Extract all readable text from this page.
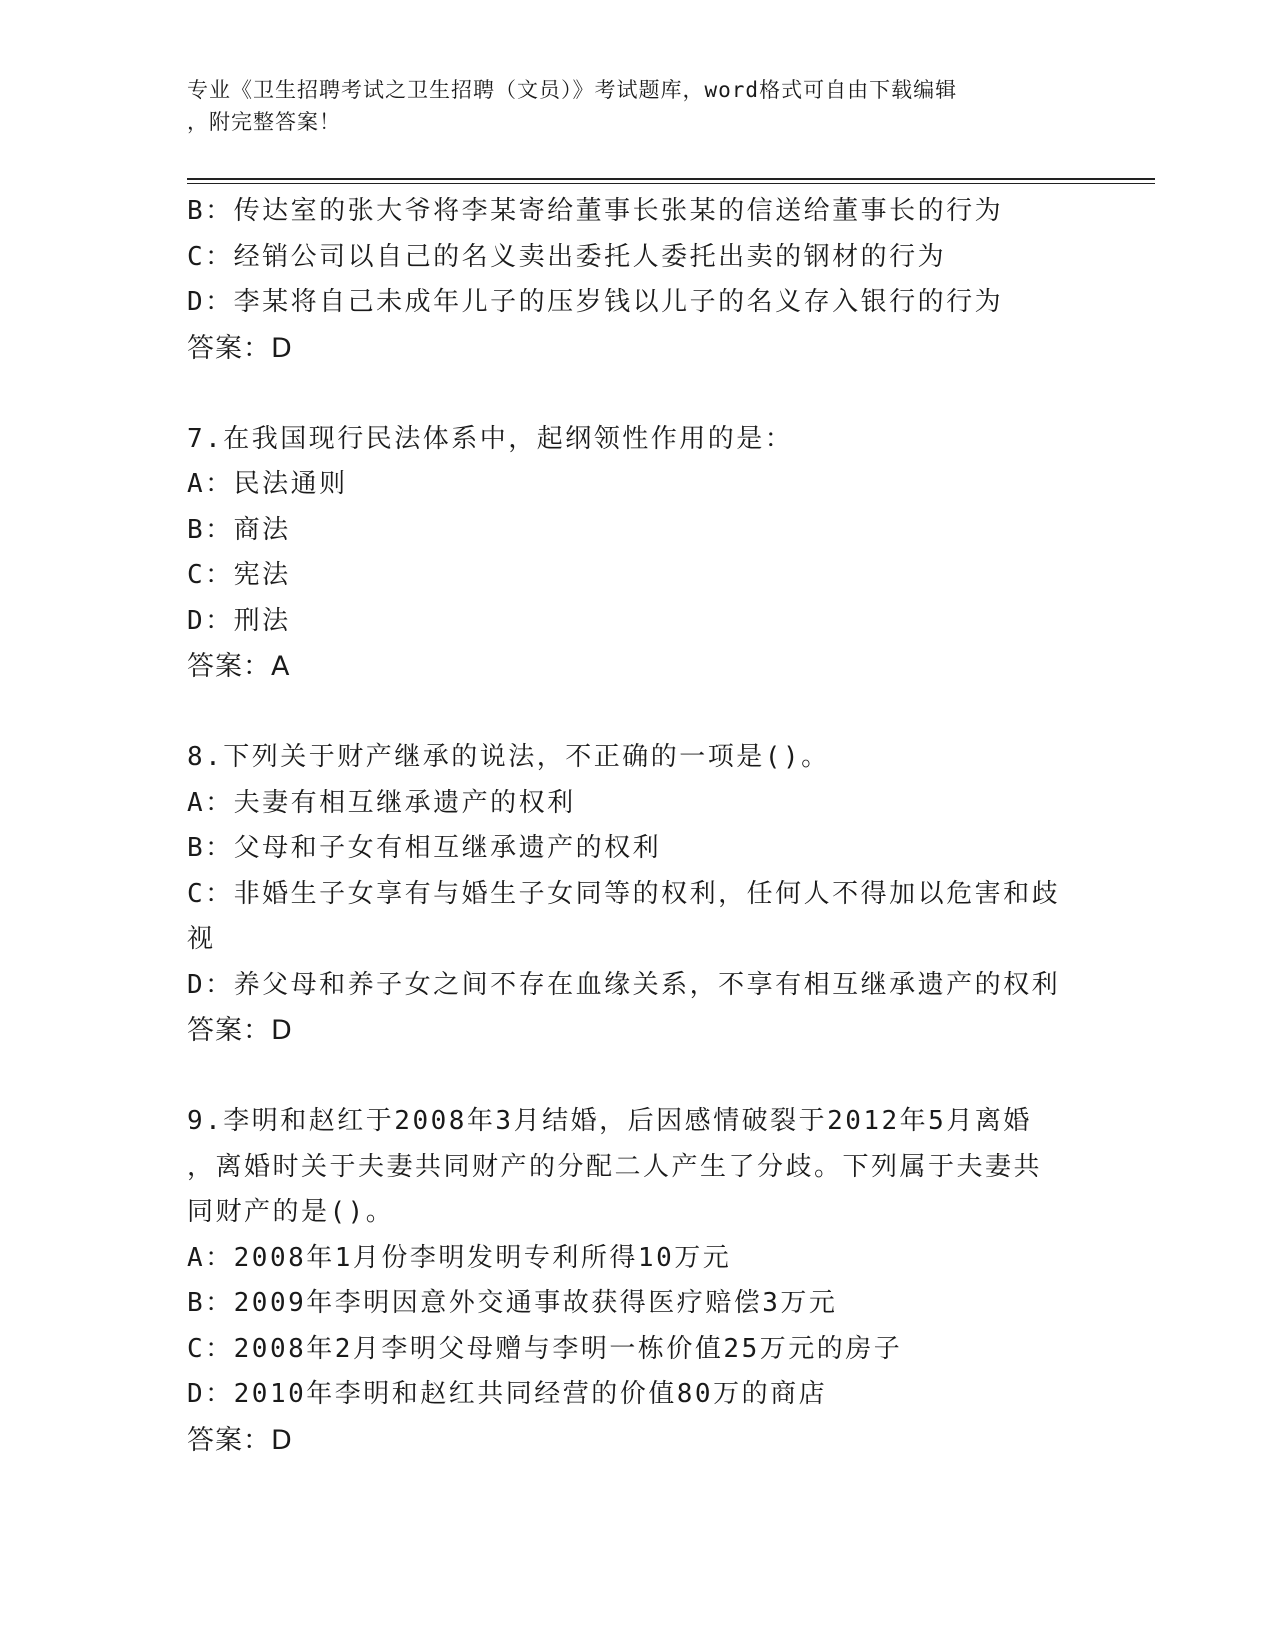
专业《卫生招聘考试之卫生招聘（文员）》考试题库，word格式可自由下载编辑
，附完整答案！
B：传达室的张大爷将李某寄给董事长张某的信送给董事长的行为
C：经销公司以自己的名义卖出委托人委托出卖的钢材的行为
D：李某将自己未成年儿子的压岁钱以儿子的名义存入银行的行为
答案：D
7.在我国现行民法体系中，起纲领性作用的是：
A：民法通则
B：商法
C：宪法
D：刑法
答案：A
8.下列关于财产继承的说法，不正确的一项是()。
A：夫妻有相互继承遗产的权利
B：父母和子女有相互继承遗产的权利
C：非婚生子女享有与婚生子女同等的权利，任何人不得加以危害和歧
视
D：养父母和养子女之间不存在血缘关系，不享有相互继承遗产的权利
答案：D
9.李明和赵红于2008年3月结婚，后因感情破裂于2012年5月离婚
，离婚时关于夫妻共同财产的分配二人产生了分歧。下列属于夫妻共
同财产的是()。
A：2008年1月份李明发明专利所得10万元
B：2009年李明因意外交通事故获得医疗赔偿3万元
C：2008年2月李明父母赠与李明一栋价值25万元的房子
D：2010年李明和赵红共同经营的价值80万的商店
答案：D
